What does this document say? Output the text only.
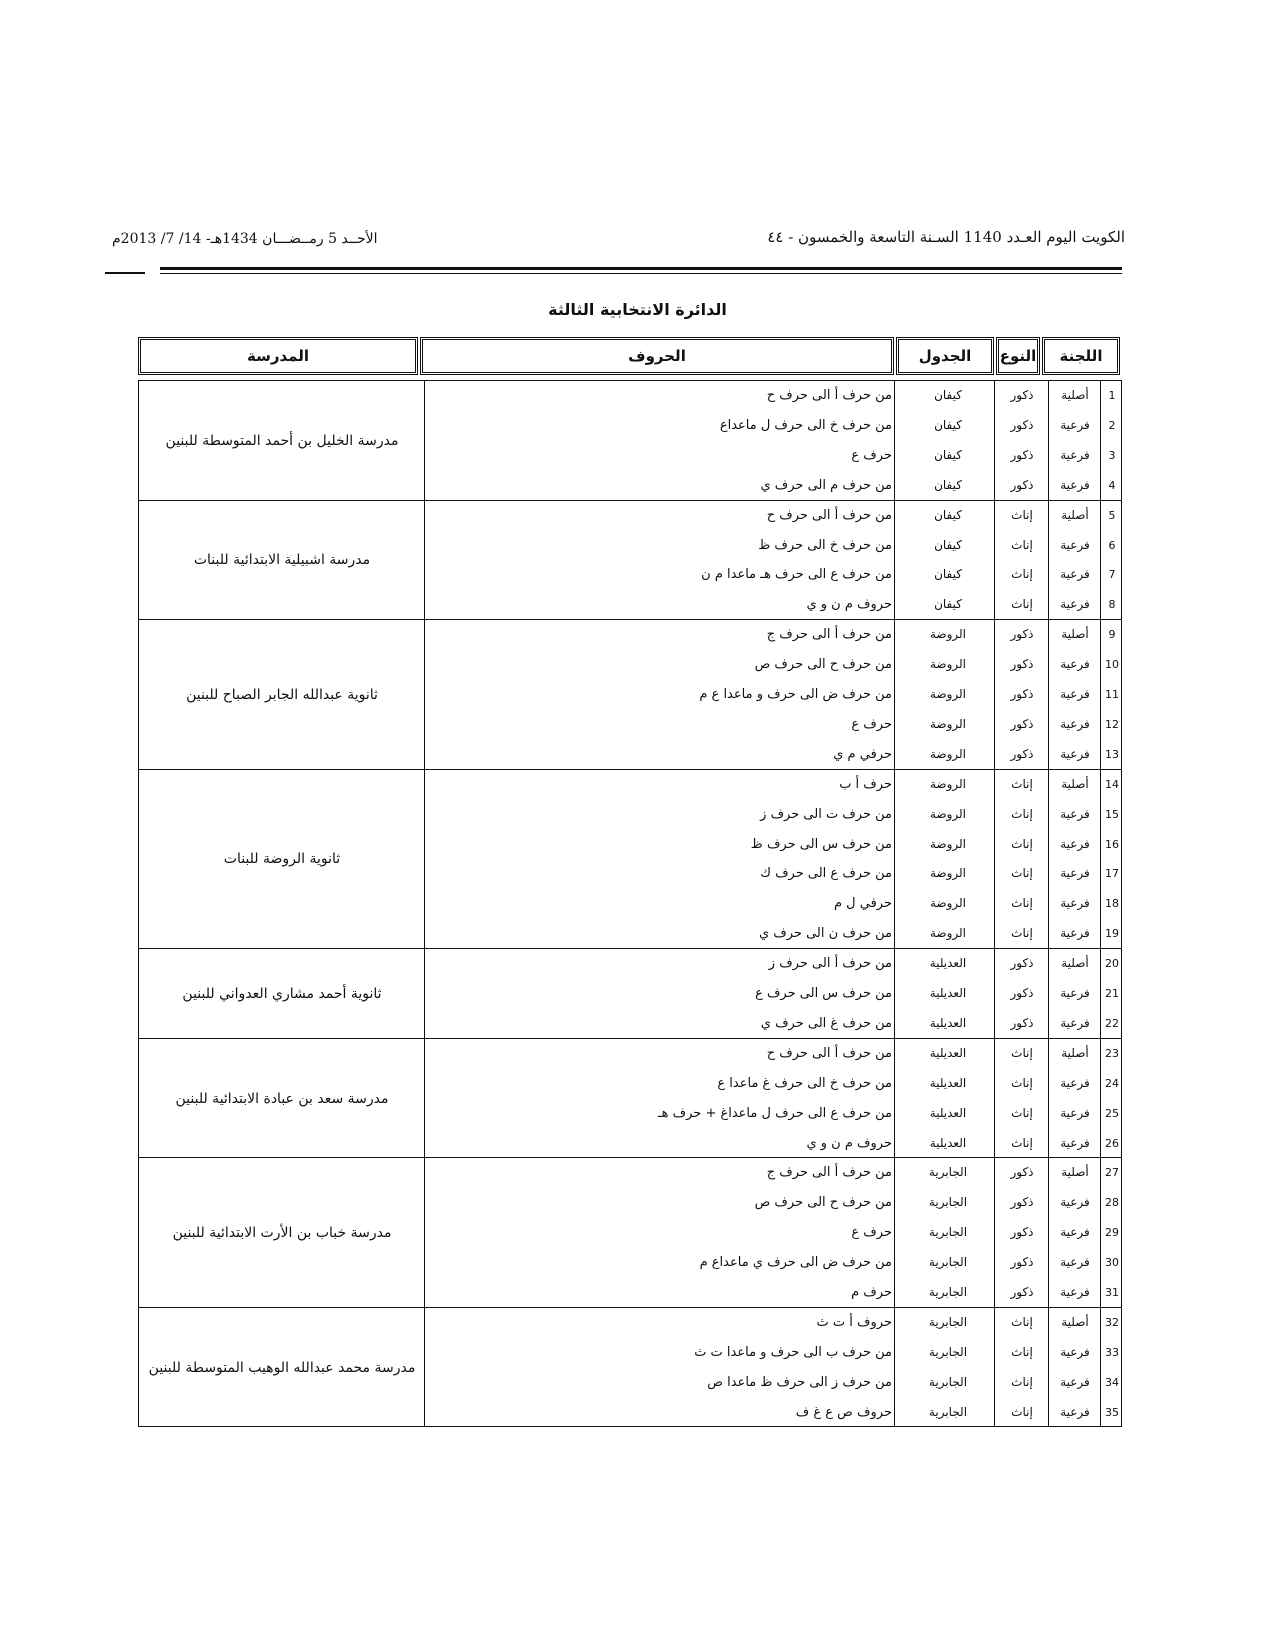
الكويت اليوم العـدد 1140 السـنة التاسعة والخمسون - ٤٤
الأحــد 5 رمــضـــان 1434هـ- 14/ 7/ 2013م
الدائرة الانتخابية الثالثة
اللجنة
النوع
الجدول
الحروف
المدرسة
1
أصلية
ذكور
كيفان
من حرف أ الى حرف ح
2
فرعية
ذكور
كيفان
من حرف خ الى حرف ل ماعداع
3
فرعية
ذكور
كيفان
حرف ع
4
فرعية
ذكور
كيفان
من حرف م الى حرف ي
5
أصلية
إناث
كيفان
من حرف أ الى حرف ح
6
فرعية
إناث
كيفان
من حرف خ الى حرف ظ
7
فرعية
إناث
كيفان
من حرف ع الى حرف هـ ماعدا م ن
8
فرعية
إناث
كيفان
حروف م ن و ي
9
أصلية
ذكور
الروضة
من حرف أ الى حرف ج
10
فرعية
ذكور
الروضة
من حرف ح الى حرف ص
11
فرعية
ذكور
الروضة
من حرف ض الى حرف و ماعدا ع م
12
فرعية
ذكور
الروضة
حرف ع
13
فرعية
ذكور
الروضة
حرفي م ي
14
أصلية
إناث
الروضة
حرف أ ب
15
فرعية
إناث
الروضة
من حرف ت الى حرف ز
16
فرعية
إناث
الروضة
من حرف س الى حرف ظ
17
فرعية
إناث
الروضة
من حرف ع الى حرف ك
18
فرعية
إناث
الروضة
حرفي ل م
19
فرعية
إناث
الروضة
من حرف ن الى حرف ي
20
أصلية
ذكور
العديلية
من حرف أ الى حرف ز
21
فرعية
ذكور
العديلية
من حرف س الى حرف ع
22
فرعية
ذكور
العديلية
من حرف غ الى حرف ي
23
أصلية
إناث
العديلية
من حرف أ الى حرف ح
24
فرعية
إناث
العديلية
من حرف خ الى حرف غ ماعدا ع
25
فرعية
إناث
العديلية
من حرف ع الى حرف ل ماعداغ + حرف هـ
26
فرعية
إناث
العديلية
حروف م ن و ي
27
أصلية
ذكور
الجابرية
من حرف أ الى حرف ج
28
فرعية
ذكور
الجابرية
من حرف ح الى حرف ص
29
فرعية
ذكور
الجابرية
حرف ع
30
فرعية
ذكور
الجابرية
من حرف ض الى حرف ي ماعداع م
31
فرعية
ذكور
الجابرية
حرف م
32
أصلية
إناث
الجابرية
حروف أ ت ث
33
فرعية
إناث
الجابرية
من حرف ب الى حرف و ماعدا ت ث
34
فرعية
إناث
الجابرية
من حرف ز الى حرف ظ ماعدا ص
35
فرعية
إناث
الجابرية
حروف ص ع غ ف
مدرسة الخليل بن أحمد المتوسطة للبنين
مدرسة اشبيلية الابتدائية للبنات
ثانوية عبدالله الجابر الصباح للبنين
ثانوية الروضة للبنات
ثانوية أحمد مشاري العدواني للبنين
مدرسة سعد بن عبادة الابتدائية للبنين
مدرسة خباب بن الأرت الابتدائية للبنين
مدرسة محمد عبدالله الوهيب المتوسطة للبنين
